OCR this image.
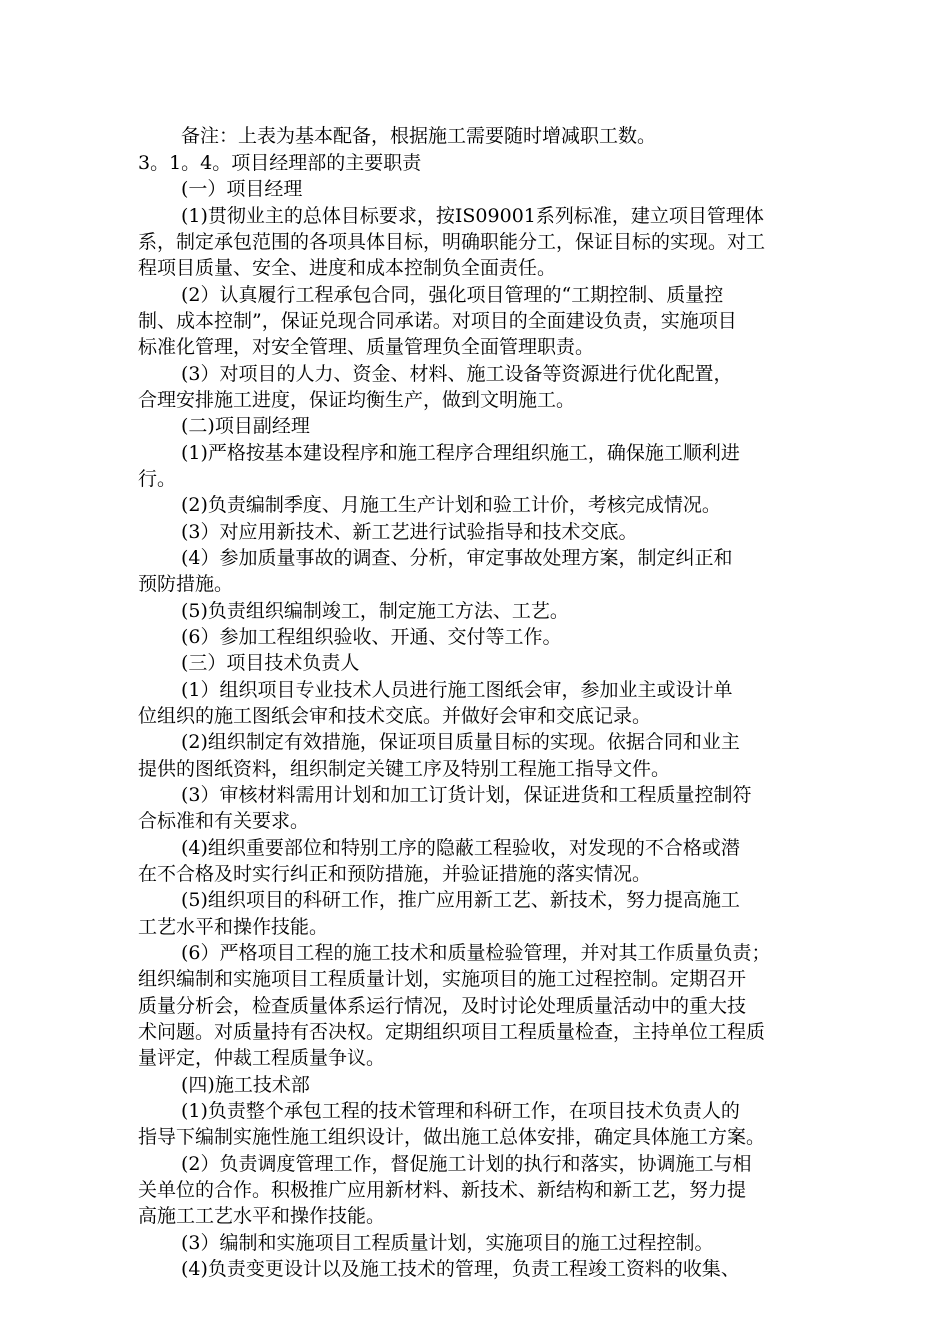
备注：上表为基本配备，根据施工需要随时增减职工数。
3。1。4。项目经理部的主要职责
(一）项目经理
(1)贯彻业主的总体目标要求，按IS09001系列标准，建立项目管理体
系，制定承包范围的各项具体目标，明确职能分工，保证目标的实现。对工
程项目质量、安全、进度和成本控制负全面责任。
(2）认真履行工程承包合同，强化项目管理的“工期控制、质量控
制、成本控制”，保证兑现合同承诺。对项目的全面建设负责，实施项目
标准化管理，对安全管理、质量管理负全面管理职责。
(3）对项目的人力、资金、材料、施工设备等资源进行优化配置，
合理安排施工进度，保证均衡生产，做到文明施工。
(二)项目副经理
(1)严格按基本建设程序和施工程序合理组织施工，确保施工顺利进
行。
(2)负责编制季度、月施工生产计划和验工计价，考核完成情况。
(3）对应用新技术、新工艺进行试验指导和技术交底。
(4）参加质量事故的调查、分析，审定事故处理方案，制定纠正和
预防措施。
(5)负责组织编制竣工，制定施工方法、工艺。
(6）参加工程组织验收、开通、交付等工作。
(三）项目技术负责人
(1）组织项目专业技术人员进行施工图纸会审，参加业主或设计单
位组织的施工图纸会审和技术交底。并做好会审和交底记录。
(2)组织制定有效措施，保证项目质量目标的实现。依据合同和业主
提供的图纸资料，组织制定关键工序及特别工程施工指导文件。
(3）审核材料需用计划和加工订货计划，保证进货和工程质量控制符
合标准和有关要求。
(4)组织重要部位和特别工序的隐蔽工程验收，对发现的不合格或潜
在不合格及时实行纠正和预防措施，并验证措施的落实情况。
(5)组织项目的科研工作，推广应用新工艺、新技术，努力提高施工
工艺水平和操作技能。
(6）严格项目工程的施工技术和质量检验管理，并对其工作质量负责；
组织编制和实施项目工程质量计划，实施项目的施工过程控制。定期召开
质量分析会，检查质量体系运行情况，及时讨论处理质量活动中的重大技
术问题。对质量持有否决权。定期组织项目工程质量检查，主持单位工程质
量评定，仲裁工程质量争议。
(四)施工技术部
(1)负责整个承包工程的技术管理和科研工作，在项目技术负责人的
指导下编制实施性施工组织设计，做出施工总体安排，确定具体施工方案。
(2）负责调度管理工作，督促施工计划的执行和落实，协调施工与相
关单位的合作。积极推广应用新材料、新技术、新结构和新工艺，努力提
高施工工艺水平和操作技能。
(3）编制和实施项目工程质量计划，实施项目的施工过程控制。
(4)负责变更设计以及施工技术的管理，负责工程竣工资料的收集、
